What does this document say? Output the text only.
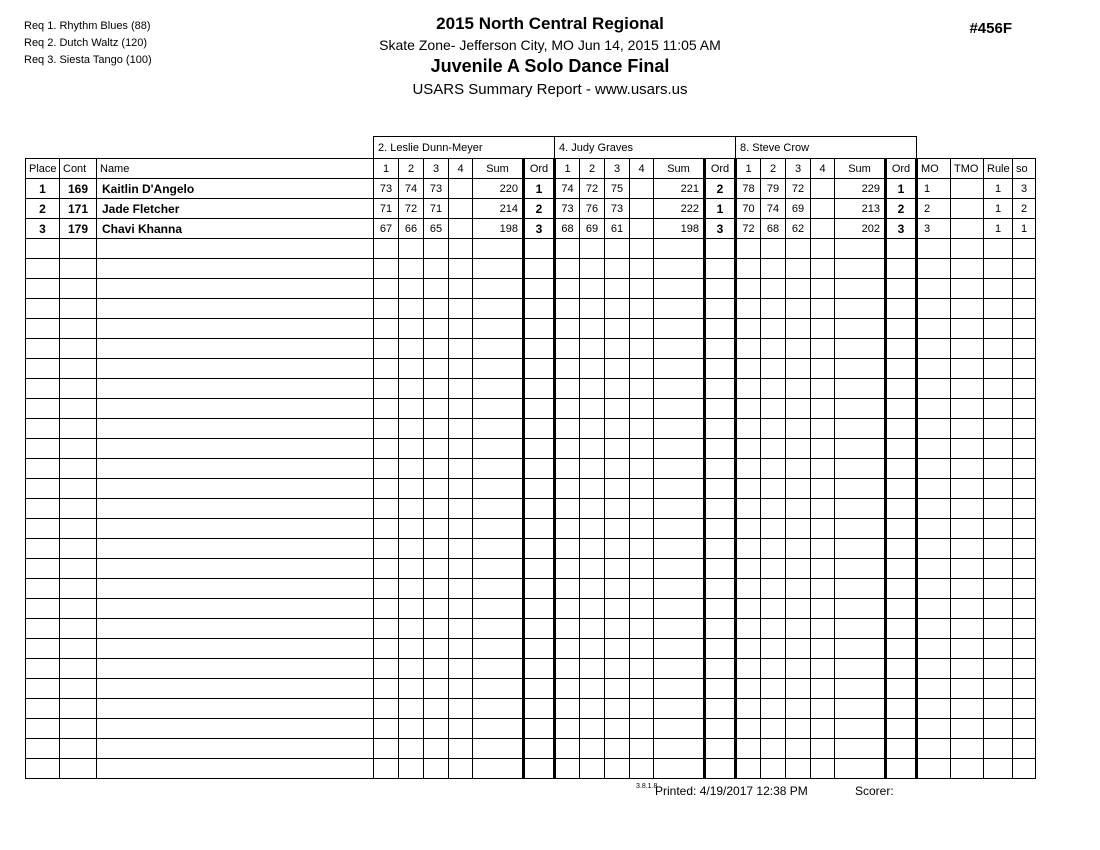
Req 1. Rhythm Blues (88)
Req 2. Dutch Waltz (120)
Req 3. Siesta Tango (100)
2015 North Central Regional
Skate Zone- Jefferson City, MO Jun 14, 2015 11:05 AM
Juvenile A Solo Dance Final
USARS Summary Report - www.usars.us
#456F
			2. Leslie Dunn-Meyer						4. Judy Graves						8. Steve Crow									
Place	Cont	Name	1	2	3	4	Sum	Ord	1	2	3	4	Sum	Ord	1	2	3	4	Sum	Ord	MO	TMO	Rule	so
1	169	Kaitlin D'Angelo	73	74	73		220	1	74	72	75		221	2	78	79	72		229	1	1		1	3
2	171	Jade Fletcher	71	72	71		214	2	73	76	73		222	1	70	74	69		213	2	2		1	2
3	179	Chavi Khanna	67	66	65		198	3	68	69	61		198	3	72	68	62		202	3	3		1	1

3.8.1.8
Printed: 4/19/2017 12:38 PM	Scorer:
